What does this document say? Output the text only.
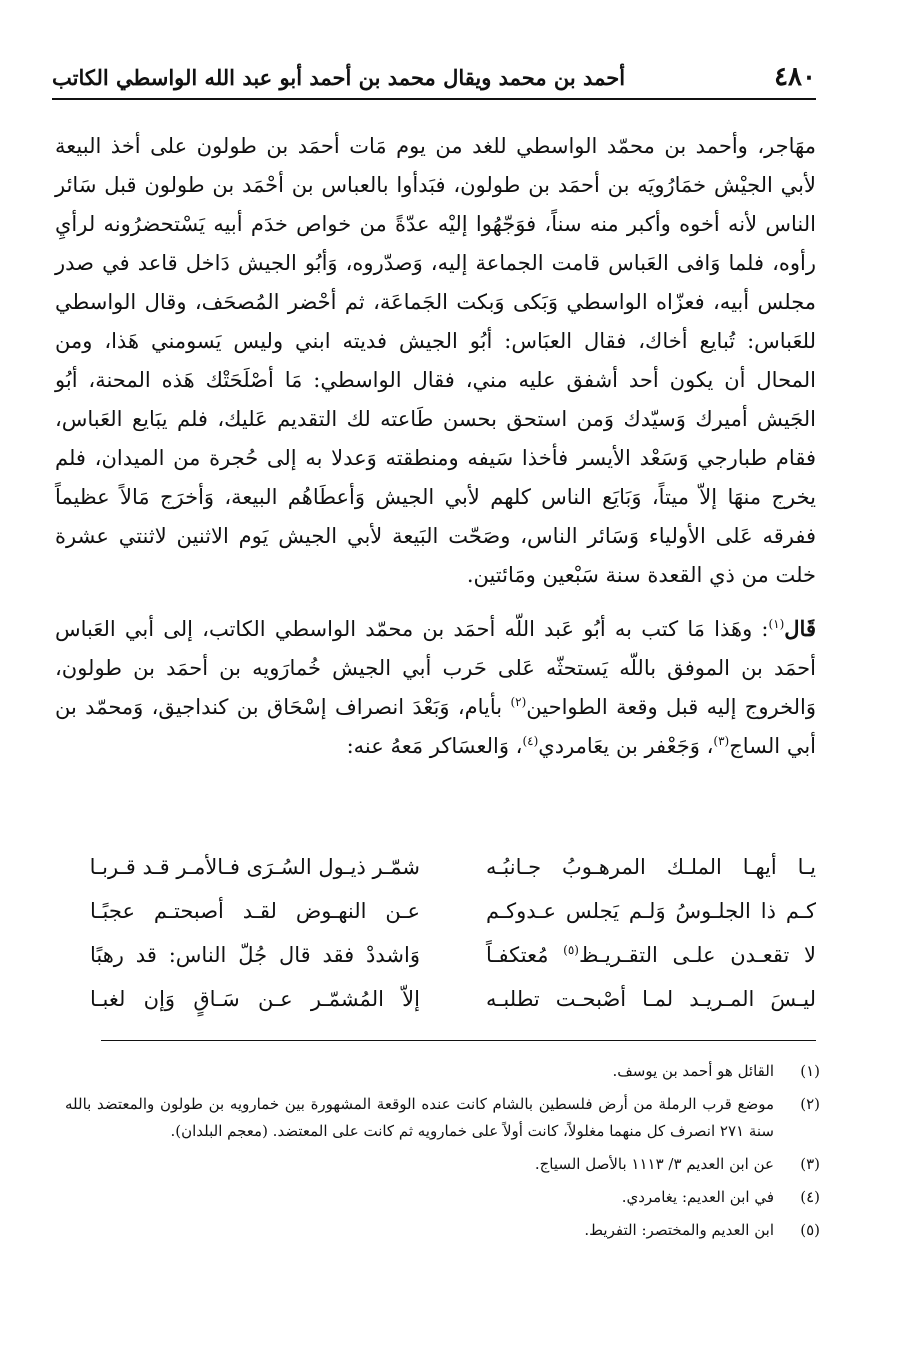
٤٨٠
أحمد بن محمد ويقال محمد بن أحمد أبو عبد الله الواسطي الكاتب

مهَاجر، وأحمد بن محمّد الواسطي للغد من يوم مَات أحمَد بن طولون على أخذ البيعة لأبي الجيْش خمَارُويَه بن أحمَد بن طولون، فبَدأوا بالعباس بن أحْمَد بن طولون قبل سَائر الناس لأنه أخوه وأكبر منه سناً، فوَجّهُوا إليْه عدّةً من خواص خدَم أبيه يَسْتحضرُونه لرأيِ رأوه، فلما وَافى العَباس قامت الجماعة إليه، وَصدّروه، وَأبُو الجيش دَاخل قاعد في صدر مجلس أبيه، فعزّاه الواسطي وَبَكى وَبكت الجَماعَة، ثم أحْضر المُصحَف، وقال الواسطي للعَباس: تُبايع أخاك، فقال العبَاس: أبُو الجيش فديته ابني وليس يَسومني هَذا، ومن المحال أن يكون أحد أشفق عليه مني، فقال الواسطي: مَا أصْلَحَتْك هَذه المحنة، أبُو الجَيش أميرك وَسيّدك وَمن استحق بحسن طَاعته لك التقديم عَليك، فلم يبَايع العَباس، فقام طبارجي وَسَعْد الأيسر فأخذا سَيفه ومنطقته وَعدلا به إلى حُجرة من الميدان، فلم يخرج منهَا إلاّ ميتاً، وَبَايَع الناس كلهم لأبي الجيش وَأعطَاهُم البيعة، وَأخرَج مَالاً عظيماً ففرقه عَلى الأولياء وَسَائر الناس، وصَحّت البَيعة لأبي الجيش يَوم الاثنين لاثنتي عشرة خلت من ذي القعدة سنة سَبْعين ومَائتين.

قَال$^{(١)}$: وهَذا مَا كتب به أبُو عَبد اللّه أحمَد بن محمّد الواسطي الكاتب، إلى أبي العَباس أحمَد بن الموفق باللّه يَستحثّه عَلى حَرب أبي الجيش خُمارَويه بن أحمَد بن طولون، وَالخروج إليه قبل وقعة الطواحين$^{(٢)}$ بأيام، وَبَعْدَ انصراف إسْحَاق بن كنداجيق، وَمحمّد بن أبي الساج$^{(٣)}$، وَجَعْفر بن يعَامردي$^{(٤)}$، وَالعسَاكر مَعهُ عنه:

يـا أيهـا الملـك المرهـوبُ جـانبُـه
شمّـر ذيـول السُـرَى فـالأمـر قـد قـربـا
كـم ذا الجلـوسُ وَلـم يَجلس عـدوكـم
عـن النهـوض لقـد أصبحتـم عجبًـا
لا تقعـدن علـى التقـريـظ$^{(٥)}$ مُعتكفـاً
وَاشددْ فقد قال جُلّ الناس: قد رهبًا
ليـسَ المـريـد لمـا أصْبحـت تطلبـه
إلاّ المُشمّـر عـن سَـاقٍ وَإن لغبـا
(١)
القائل هو أحمد بن يوسف.
(٢)
موضع قرب الرملة من أرض فلسطين بالشام كانت عنده الوقعة المشهورة بين خمارويه بن طولون والمعتضد بالله سنة ٢٧١ انصرف كل منهما مغلولاً، كانت أولاً على خمارويه ثم كانت على المعتضد. (معجم البلدان).
(٣)
عن ابن العديم ٣/ ١١١٣ بالأصل السياج.
(٤)
في ابن العديم: يغامردي.
(٥)
ابن العديم والمختصر: التفريط.
